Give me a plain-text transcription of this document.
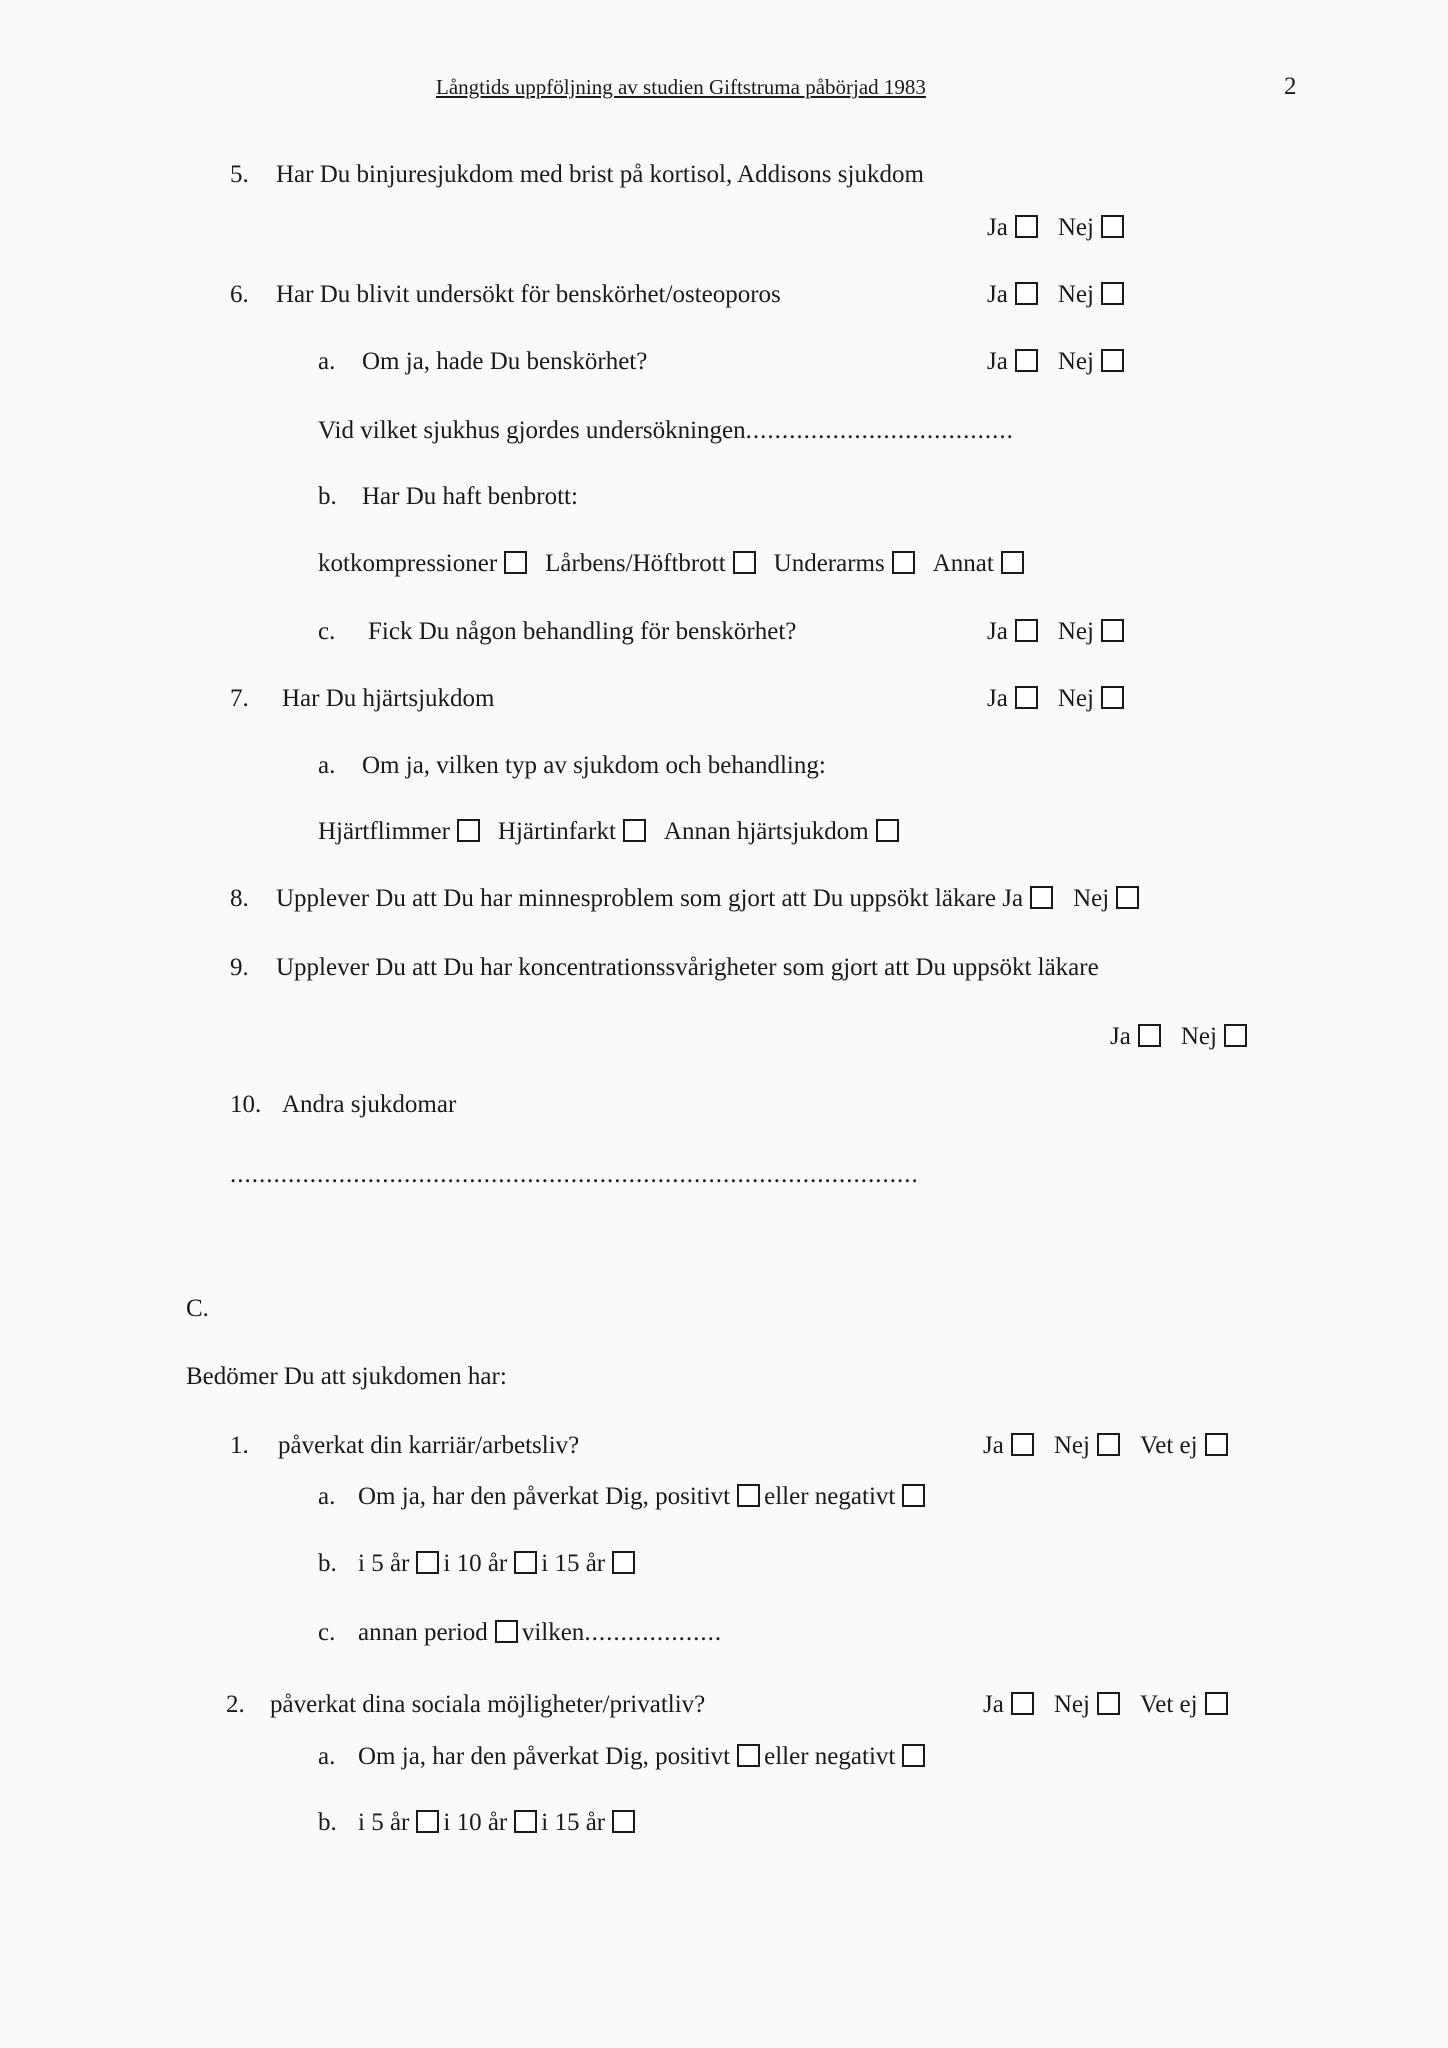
Långtids uppföljning av studien Giftstruma påbörjad 1983	2
5. Har Du binjuresjukdom med brist på kortisol, Addisons sjukdom
Ja Nej
6. Har Du blivit undersökt för benskörhet/osteoporos	Ja Nej
a. Om ja, hade Du benskörhet?	Ja Nej
Vid vilket sjukhus gjordes undersökningen.....................................
b. Har Du haft benbrott:
kotkompressioner Lårbens/Höftbrott Underarms Annat
c. Fick Du någon behandling för benskörhet?	Ja Nej
7. Har Du hjärtsjukdom	Ja Nej
a. Om ja, vilken typ av sjukdom och behandling:
Hjärtflimmer Hjärtinfarkt Annan hjärtsjukdom
8. Upplever Du att Du har minnesproblem som gjort att Du uppsökt läkare Ja Nej
9. Upplever Du att Du har koncentrationssvårigheter som gjort att Du uppsökt läkare
Ja Nej
10. Andra sjukdomar
...............................................................................................
C.
Bedömer Du att sjukdomen har:
1. påverkat din karriär/arbetsliv?	Ja Nej Vet ej
a. Om ja, har den påverkat Dig, positivt eller negativt
b. i 5 år i 10 år i 15 år
c. annan period vilken...................
2. påverkat dina sociala möjligheter/privatliv?	Ja Nej Vet ej
a. Om ja, har den påverkat Dig, positivt eller negativt
b. i 5 år i 10 år i 15 år
